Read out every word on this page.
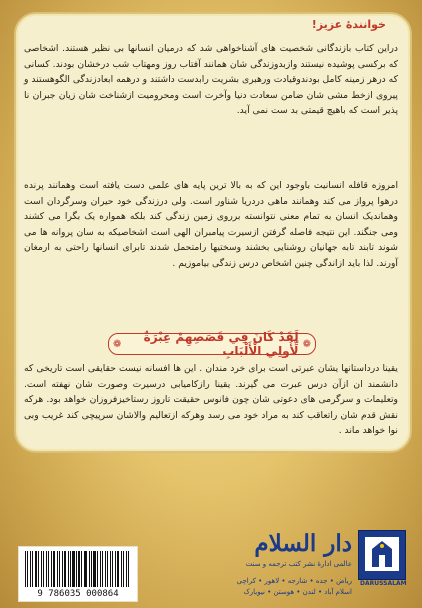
خوانندهٔ عزیز!
دراین کتاب بازندگانی شخصیت های آشناخواهی شد که درمیان انسانها بی نظیر هستند. اشخاصی که برکسی پوشیده نیستند وازبدوزندگی شان همانند آفتاب روز ومهتاب شب درخشان بودند. کسانی که درهر زمینه کامل بودندوقیادت ورهبری بشریت رابدست داشتند و درهمه ابعادزندگی الگوهستند و پیروی ازخط مشی شان ضامن سعادت دنیا وآخرت است ومحرومیت ازشناخت شان زیان جبران نا پذیر است که باهیچ قیمتی بد ست نمی آید.
امروزه قافله انسانیت باوجود این که به بالا ترین پایه های علمی دست یافته است وهمانند پرنده درهوا پرواز می کند وهمانند ماهی دردریا شناور است. ولی درزندگی خود حیران وسرگردان است وهماندیک انسان به تمام معنی نتوانسته برروی زمین زندگی کند بلکه همواره یک بگرا می کشند ومی جنگند. این نتیجه فاصله گرفتن ازسیرت پیامبران الهی است اشخاصیکه به سان پروانه ها می شوند تابند تابه جهانیان روشنایی بخشند وسختیها رامتحمل شدند تابرای انسانها راحتی به ارمغان آورند. لذا باید ازاندگی چنین اشخاص درس زندگی بیاموزیم .
❁	لَقَدْ كَانَ فِي قَصَصِهِمْ عِبْرَةٌ لِّأُولِي الْأَلْبَابِ ❁
یقینا درداستانها یشان عبرتی است برای خرد مندان . این ها افسانه نیست حقایقی است تاریخی که دانشمند ان ازآن درس عبرت می گیرند. یقینا رازکامیابی درسیرت وصورت شان نهفته است. وتعلیمات و سرگرمی های دعوتی شان چون فانوس حقیقت تاروز رستاخیزفروزان خواهد بود. هرکه نقش قدم شان راتعاقب کند به مراد خود می رسد وهرکه ازتعالیم والاشان سرپیچی کند غریب وبی نوا خواهد ماند .
9 786035 000864
DARUSSALAM
دار السلام
عالمی ادارهٔ نشر کتب ترجمه و سنت
ریاض • جده • شارجه • لاهور • کراچی
اسلام آباد • لندن • هوستن • نیویارک
